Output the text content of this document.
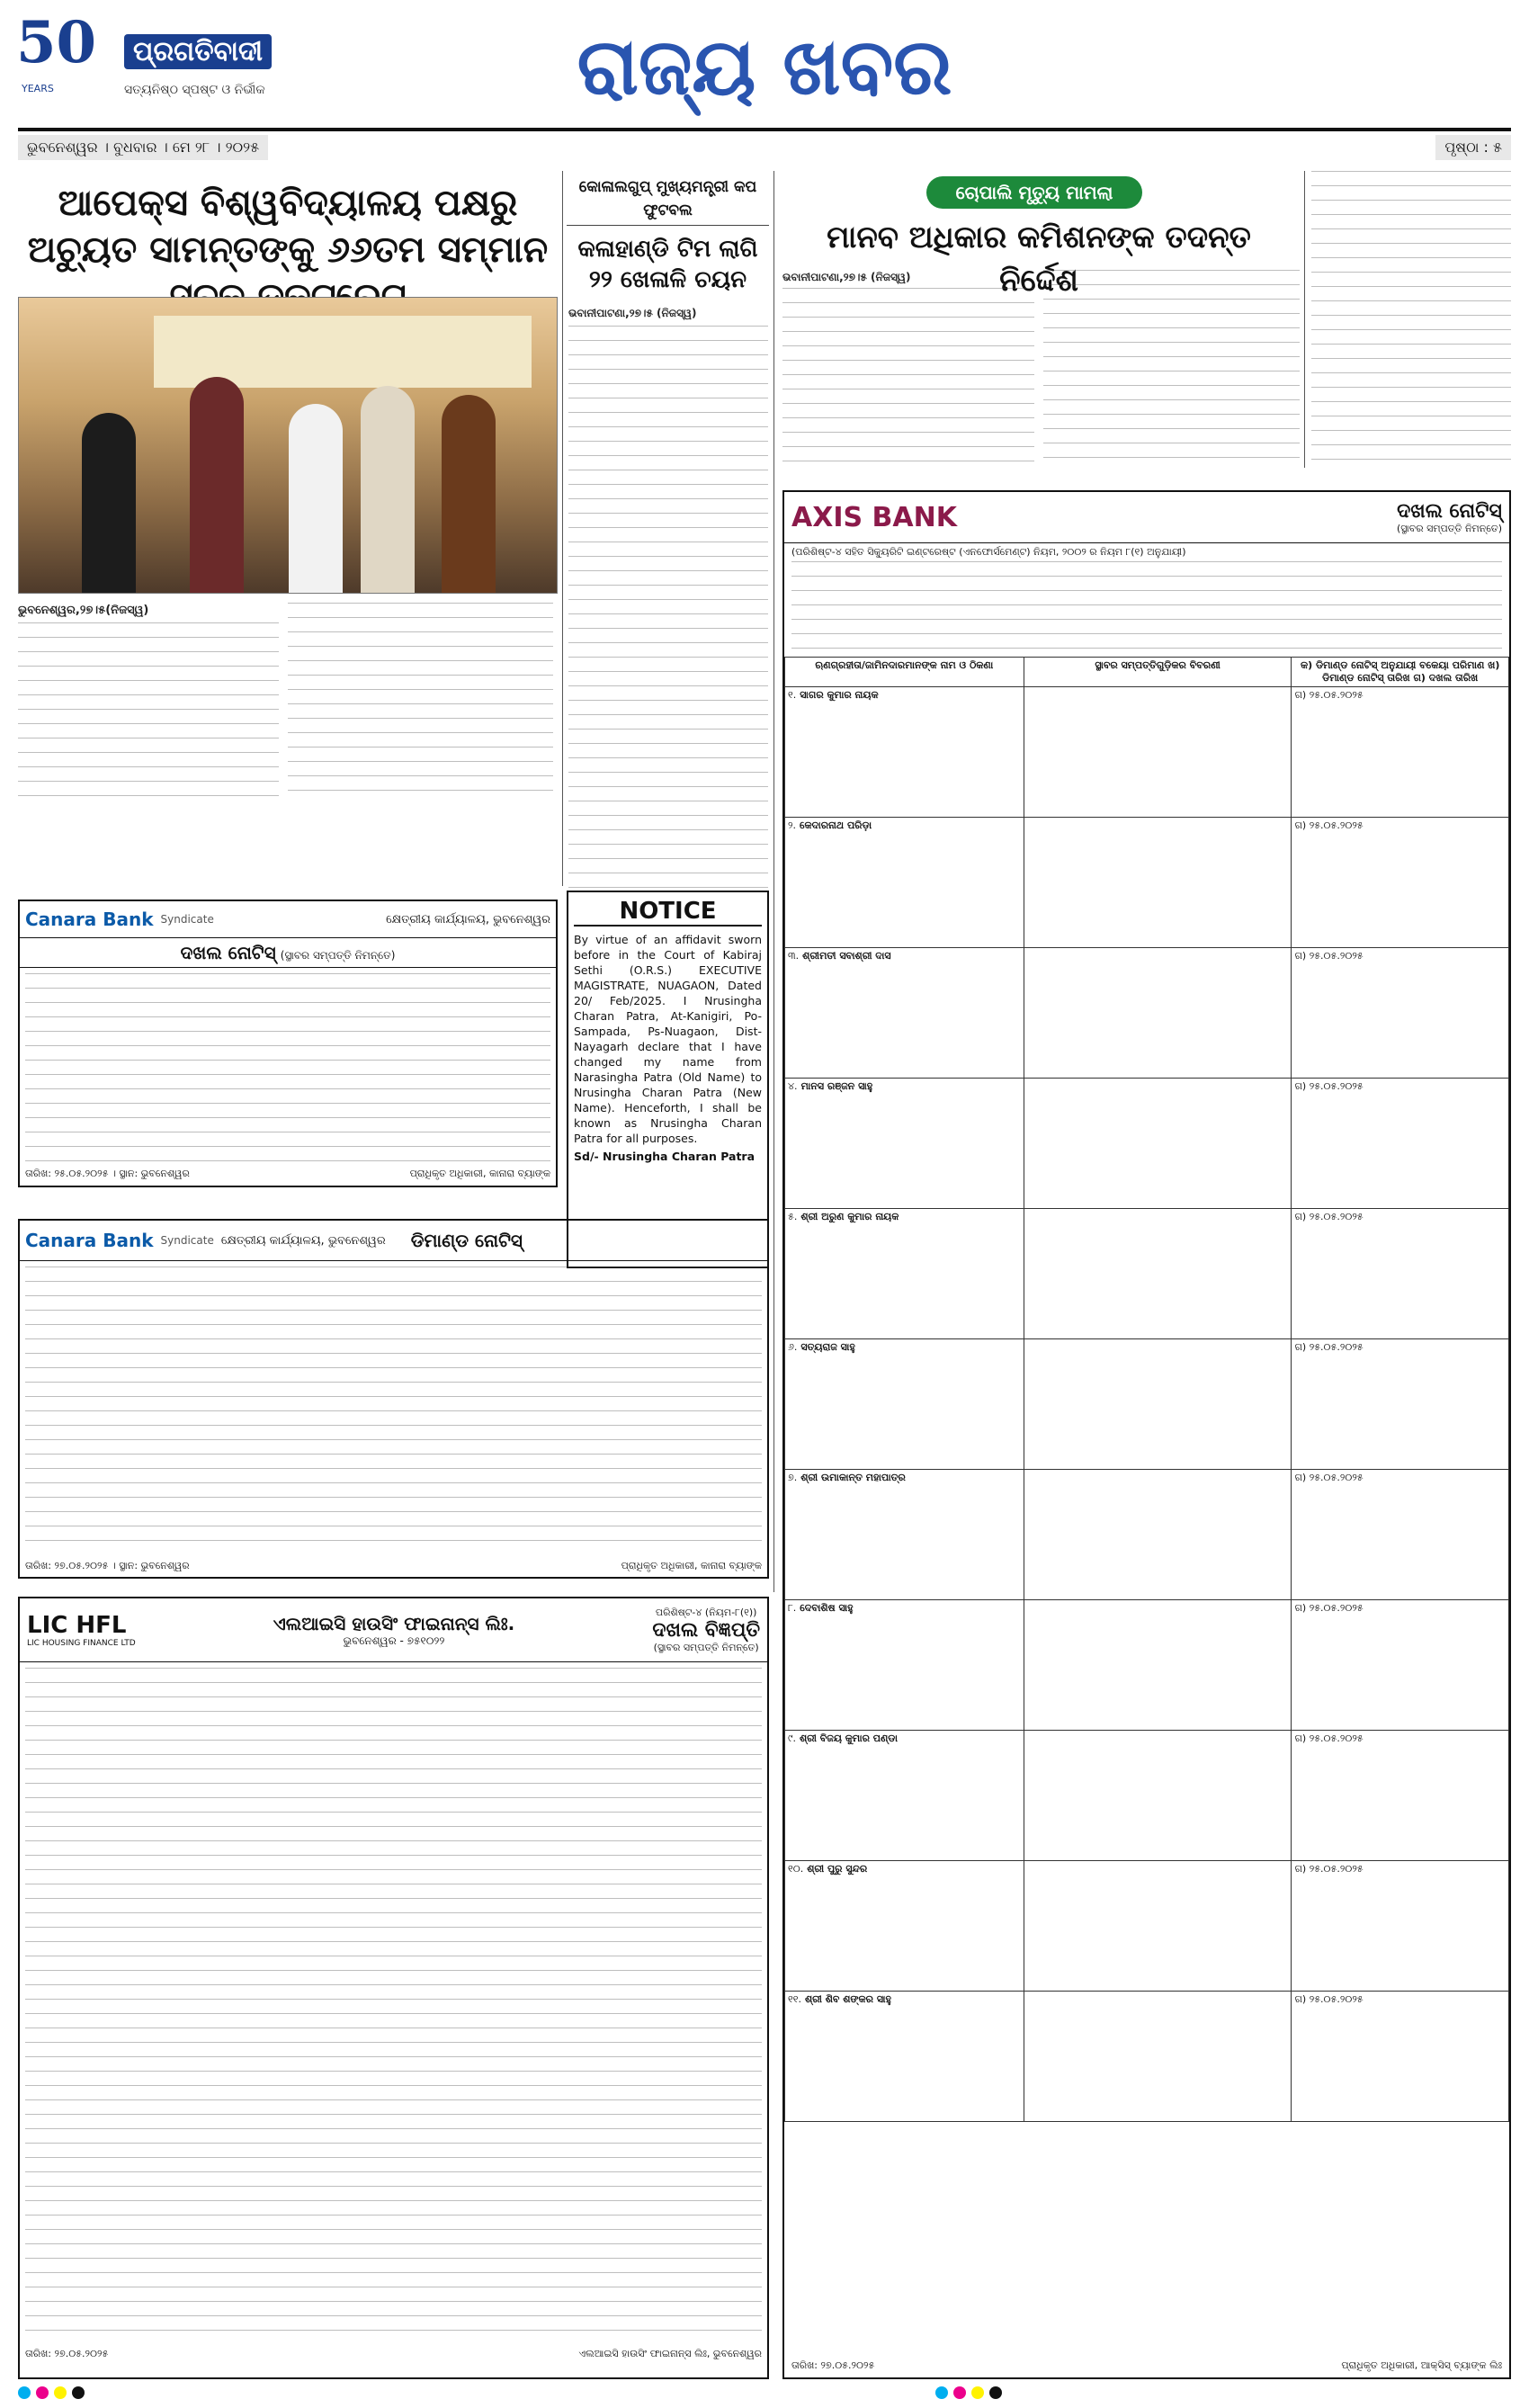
50
YEARS
ପ୍ରଗତିବାଦୀ
ସତ୍ୟନିଷ୍ଠ ସ୍ପଷ୍ଟ ଓ ନିର୍ଭୀକ	ରାଜ୍ୟ ଖବର
ଭୁବନେଶ୍ୱର । ବୁଧବାର । ମେ ୨୮ । ୨୦୨୫	ପୃଷ୍ଠା : ୫
ଆପେକ୍ସ ବିଶ୍ୱବିଦ୍ୟାଳୟ ପକ୍ଷରୁ ଅଚ୍ୟୁତ ସାମନ୍ତଙ୍କୁ ୬୬ତମ ସମ୍ମାନ
ଭୁବନେଶ୍ୱର,୨୭।୫(ନିଜସ୍ୱ)
କୋଳାଲଗୁପ୍ ମୁଖ୍ୟମନ୍ତ୍ରୀ କପ ଫୁଟବଲ
କଳାହାଣ୍ଡି ଟିମ ଲାଗି ୨୨ ଖେଳାଳି ଚୟନ
ଭବାନୀପାଟଣା,୨୭।୫ (ନିଜସ୍ୱ)
ଚୋପାଲି ମୃତ୍ୟୁ ମାମଲା
ମାନବ ଅଧିକାର କମିଶନଙ୍କ ତଦନ୍ତ ନିର୍ଦ୍ଦେଶ
ଭବାନୀପାଟଣା,୨୭।୫ (ନିଜସ୍ୱ)
NOTICE
By virtue of an affidavit sworn before in the Court of Kabiraj Sethi (O.R.S.) EXECUTIVE MAGISTRATE, NUAGAON, Dated 20/ Feb/2025. I Nrusingha Charan Patra, At-Kanigiri, Po-Sampada, Ps-Nuagaon, Dist-Nayagarh declare that I have changed my name from Narasingha Patra (Old Name) to Nrusingha Charan Patra (New Name). Henceforth, I shall be known as Nrusingha Charan Patra for all purposes.
Sd/- Nrusingha Charan Patra
Canara Bank Syndicate	କ୍ଷେତ୍ରୀୟ କାର୍ଯ୍ୟାଳୟ, ଭୁବନେଶ୍ୱର
ଦଖଲ ନୋଟିସ୍ (ସ୍ଥାବର ସମ୍ପତ୍ତି ନିମନ୍ତେ)
ତାରିଖ: ୨୫.୦୫.୨୦୨୫ । ସ୍ଥାନ: ଭୁବନେଶ୍ୱର	ପ୍ରାଧିକୃତ ଅଧିକାରୀ, କାନାରା ବ୍ୟାଙ୍କ
Canara Bank Syndicate କ୍ଷେତ୍ରୀୟ କାର୍ଯ୍ୟାଳୟ, ଭୁବନେଶ୍ୱର ଡିମାଣ୍ଡ ନୋଟିସ୍
ତାରିଖ: ୨୭.୦୫.୨୦୨୫ । ସ୍ଥାନ: ଭୁବନେଶ୍ୱର	ପ୍ରାଧିକୃତ ଅଧିକାରୀ, କାନାରା ବ୍ୟାଙ୍କ
LIC HFL
LIC HOUSING FINANCE LTD
ଏଲଆଇସି ହାଉସିଂ ଫାଇନାନ୍ସ ଲିଃ.
ଭୁବନେଶ୍ୱର - ୭୫୧୦୨୨
ପରିଶିଷ୍ଟ-୪ (ନିୟମ-୮(୧))
ଦଖଲ ବିଜ୍ଞପ୍ତି
(ସ୍ଥାବର ସମ୍ପତ୍ତି ନିମନ୍ତେ)
ତାରିଖ: ୨୭.୦୫.୨୦୨୫	ଏଲଆଇସି ହାଉସିଂ ଫାଇନାନ୍ସ ଲିଃ, ଭୁବନେଶ୍ୱର
AXIS BANK	ଦଖଲ ନୋଟିସ୍
(ସ୍ଥାବର ସମ୍ପତ୍ତି ନିମନ୍ତେ)
(ପରିଶିଷ୍ଟ-୪ ସହିତ ସିକ୍ୟୁରିଟି ଇଣ୍ଟରେଷ୍ଟ (ଏନଫୋର୍ସମେଣ୍ଟ) ନିୟମ, ୨୦୦୨ ର ନିୟମ ୮(୧) ଅନୁଯାୟୀ)
ଋଣଗ୍ରହୀତା/ଜାମିନଦାରମାନଙ୍କ ନାମ ଓ ଠିକଣା	ସ୍ଥାବର ସମ୍ପତ୍ତିଗୁଡ଼ିକର ବିବରଣୀ	କ) ଡିମାଣ୍ଡ ନୋଟିସ୍ ଅନୁଯାୟୀ ବକେୟା ପରିମାଣ ଖ) ଡିମାଣ୍ଡ ନୋଟିସ୍ ତାରିଖ ଗ) ଦଖଲ ତାରିଖ
୧. ସାଗର କୁମାର ନାୟକ		ଗ) ୨୫.୦୫.୨୦୨୫
୨. କେଦାରନାଥ ପରିଡ଼ା		ଗ) ୨୫.୦୫.୨୦୨୫
୩. ଶ୍ରୀମତୀ ସବାଶ୍ରୀ ଦାସ		ଗ) ୨୫.୦୫.୨୦୨୫
୪. ମାନସ ରଞ୍ଜନ ସାହୁ		ଗ) ୨୫.୦୫.୨୦୨୫
୫. ଶ୍ରୀ ଅରୁଣ କୁମାର ନାୟକ		ଗ) ୨୫.୦୫.୨୦୨୫
୬. ସତ୍ୟରାଜ ସାହୁ		ଗ) ୨୫.୦୫.୨୦୨୫
୭. ଶ୍ରୀ ଉମାକାନ୍ତ ମହାପାତ୍ର		ଗ) ୨୫.୦୫.୨୦୨୫
୮. ଦେବାଶିଷ ସାହୁ		ଗ) ୨୫.୦୫.୨୦୨୫
୯. ଶ୍ରୀ ବିଜୟ କୁମାର ପଣ୍ଡା		ଗ) ୨୫.୦୫.୨୦୨୫
୧୦. ଶ୍ରୀ ପୁରୁ ସୁନ୍ଦର		ଗ) ୨୫.୦୫.୨୦୨୫
୧୧. ଶ୍ରୀ ଶିବ ଶଙ୍କର ସାହୁ		ଗ) ୨୫.୦୫.୨୦୨୫
ତାରିଖ: ୨୭.୦୫.୨୦୨୫	ପ୍ରାଧିକୃତ ଅଧିକାରୀ, ଆକ୍ସିସ୍ ବ୍ୟାଙ୍କ ଲିଃ
